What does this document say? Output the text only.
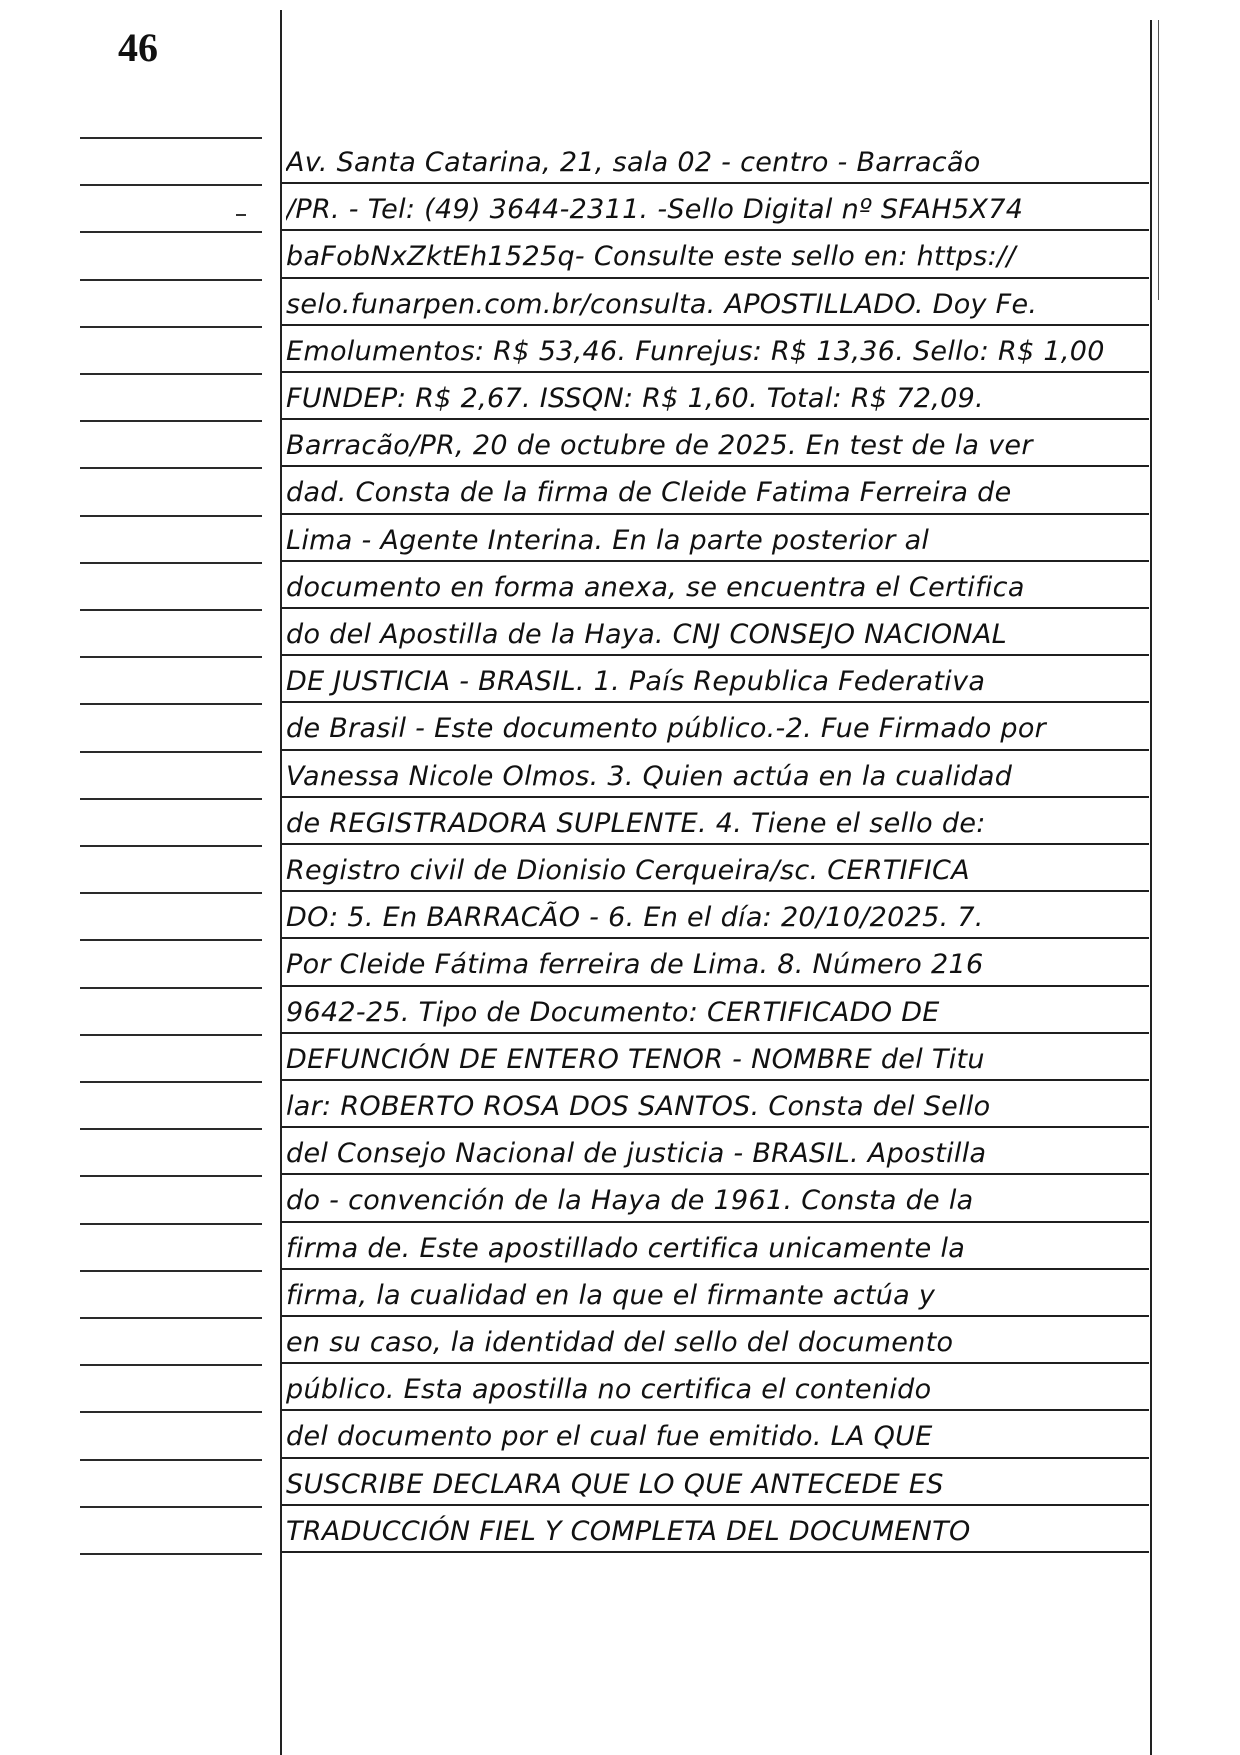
46
Av. Santa Catarina, 21, sala 02 - centro - Barracão
/PR. - Tel: (49) 3644-2311. -Sello Digital nº SFAH5X74
baFobNxZktEh1525q- Consulte este sello en: https://
selo.funarpen.com.br/consulta. APOSTILLADO. Doy Fe.
Emolumentos: R$ 53,46. Funrejus: R$ 13,36. Sello: R$ 1,00
FUNDEP: R$ 2,67. ISSQN: R$ 1,60. Total: R$ 72,09.
Barracão/PR, 20 de octubre de 2025. En test de la ver
dad. Consta de la firma de Cleide Fatima Ferreira de
Lima - Agente Interina. En la parte posterior al
documento en forma anexa, se encuentra el Certifica
do del Apostilla de la Haya. CNJ CONSEJO NACIONAL
DE JUSTICIA - BRASIL. 1. País Republica Federativa
de Brasil - Este documento público.-2. Fue Firmado por
Vanessa Nicole Olmos. 3. Quien actúa en la cualidad
de REGISTRADORA SUPLENTE. 4. Tiene el sello de:
Registro civil de Dionisio Cerqueira/sc. CERTIFICA
DO: 5. En BARRACÃO - 6. En el día: 20/10/2025. 7.
Por Cleide Fátima ferreira de Lima. 8. Número 216
9642-25. Tipo de Documento: CERTIFICADO DE
DEFUNCIÓN DE ENTERO TENOR - NOMBRE del Titu
lar: ROBERTO ROSA DOS SANTOS. Consta del Sello
del Consejo Nacional de justicia - BRASIL. Apostilla
do - convención de la Haya de 1961. Consta de la
firma de. Este apostillado certifica unicamente la
firma, la cualidad en la que el firmante actúa y
en su caso, la identidad del sello del documento
público. Esta apostilla no certifica el contenido
del documento por el cual fue emitido. LA QUE
SUSCRIBE DECLARA QUE LO QUE ANTECEDE ES
TRADUCCIÓN FIEL Y COMPLETA DEL DOCUMENTO
